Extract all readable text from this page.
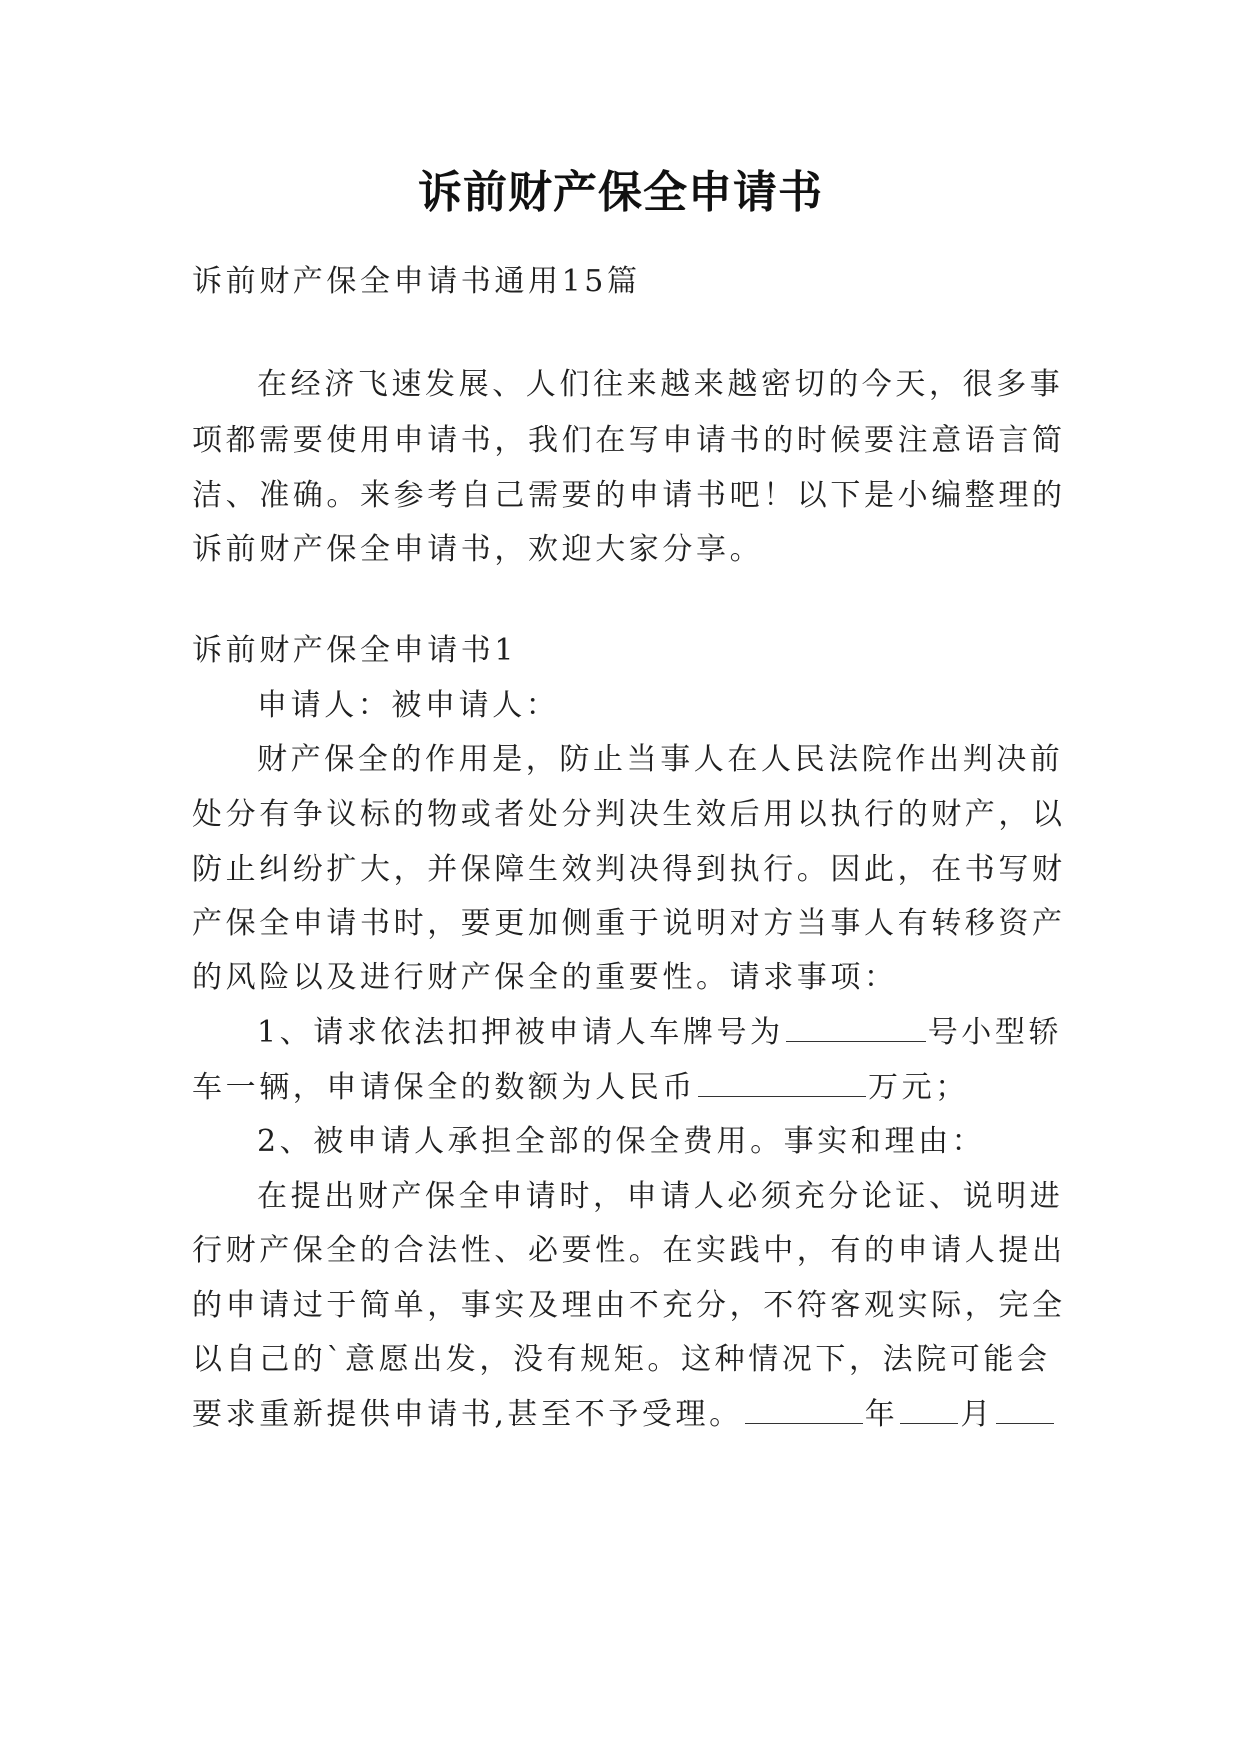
诉前财产保全申请书

诉前财产保全申请书通用15篇

在经济飞速发展、人们往来越来越密切的今天，很多事

项都需要使用申请书，我们在写申请书的时候要注意语言简

洁、准确。来参考自己需要的申请书吧！以下是小编整理的

诉前财产保全申请书，欢迎大家分享。

诉前财产保全申请书1

申请人：被申请人：

财产保全的作用是，防止当事人在人民法院作出判决前

处分有争议标的物或者处分判决生效后用以执行的财产，以

防止纠纷扩大，并保障生效判决得到执行。因此，在书写财

产保全申请书时，要更加侧重于说明对方当事人有转移资产

的风险以及进行财产保全的重要性。请求事项：

1、请求依法扣押被申请人车牌号为	号小型轿

车一辆，申请保全的数额为人民币	万元；

2、被申请人承担全部的保全费用。事实和理由：

在提出财产保全申请时，申请人必须充分论证、说明进

行财产保全的合法性、必要性。在实践中，有的申请人提出

的申请过于简单，事实及理由不充分，不符客观实际，完全

以自己的`意愿出发，没有规矩。这种情况下，法院可能会

要求重新提供申请书,甚至不予受理。	年 月
